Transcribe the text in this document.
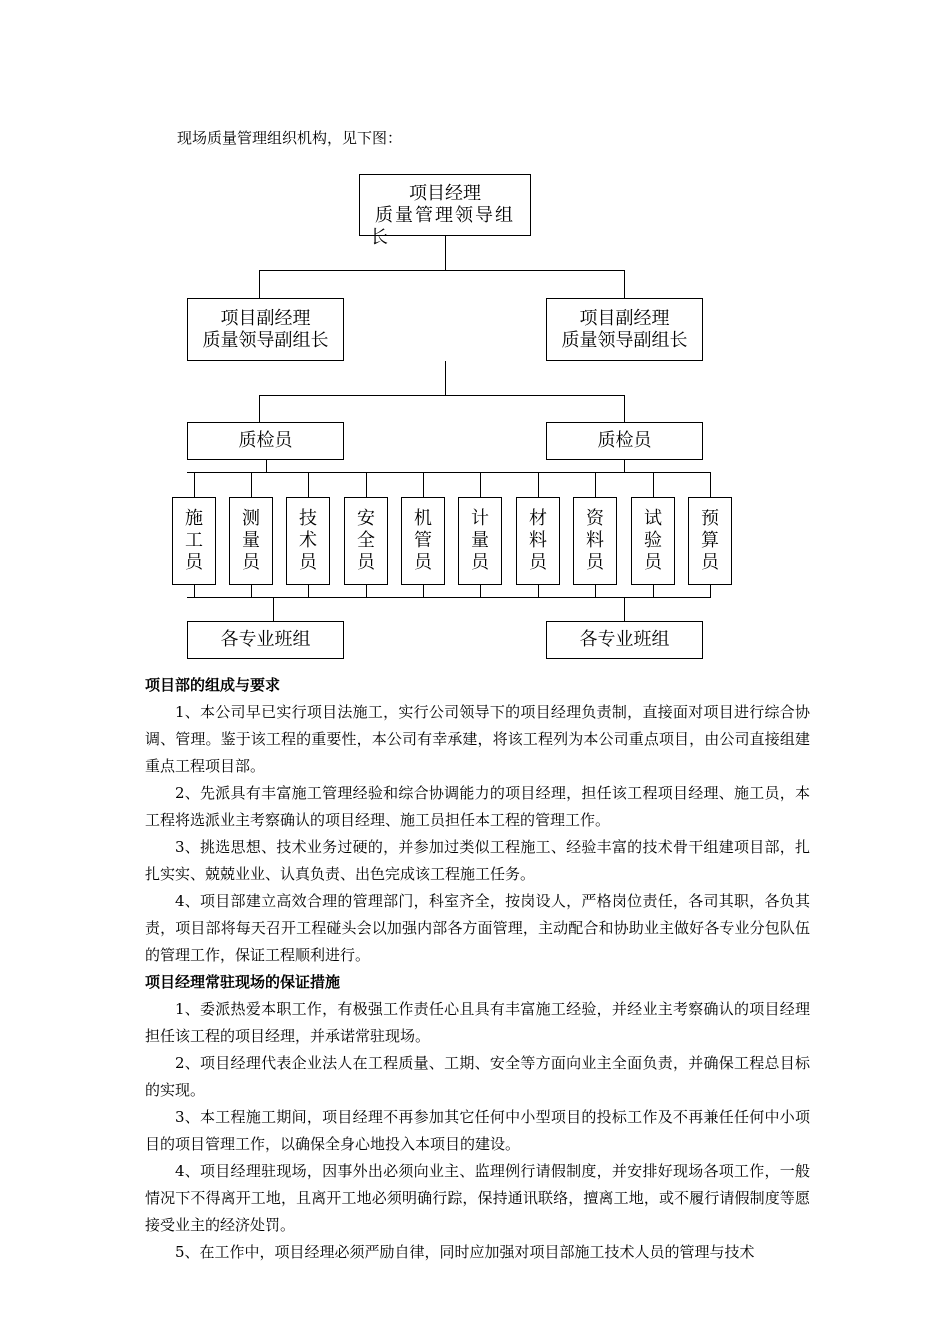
现场质量管理组织机构，见下图：
项目经理
质量管理领导组
长
项目副经理
质量领导副组长
项目副经理
质量领导副组长
质检员	质检员
施工员
测量员
技术员
安全员
机管员
计量员
材料员
资料员
试验员
预算员
各专业班组	各专业班组
项目部的组成与要求

1、本公司早已实行项目法施工，实行公司领导下的项目经理负责制，直接面对项目进行综合协调、管理。鉴于该工程的重要性，本公司有幸承建，将该工程列为本公司重点项目，由公司直接组建重点工程项目部。

2、先派具有丰富施工管理经验和综合协调能力的项目经理，担任该工程项目经理、施工员，本工程将选派业主考察确认的项目经理、施工员担任本工程的管理工作。

3、挑选思想、技术业务过硬的，并参加过类似工程施工、经验丰富的技术骨干组建项目部，扎扎实实、兢兢业业、认真负责、出色完成该工程施工任务。

4、项目部建立高效合理的管理部门，科室齐全，按岗设人，严格岗位责任，各司其职，各负其责，项目部将每天召开工程碰头会以加强内部各方面管理，主动配合和协助业主做好各专业分包队伍的管理工作，保证工程顺利进行。

项目经理常驻现场的保证措施

1、委派热爱本职工作，有极强工作责任心且具有丰富施工经验，并经业主考察确认的项目经理担任该工程的项目经理，并承诺常驻现场。

2、项目经理代表企业法人在工程质量、工期、安全等方面向业主全面负责，并确保工程总目标的实现。

3、本工程施工期间，项目经理不再参加其它任何中小型项目的投标工作及不再兼任任何中小项目的项目管理工作，以确保全身心地投入本项目的建设。

4、项目经理驻现场，因事外出必须向业主、监理例行请假制度，并安排好现场各项工作，一般情况下不得离开工地，且离开工地必须明确行踪，保持通讯联络，擅离工地，或不履行请假制度等愿接受业主的经济处罚。

5、在工作中，项目经理必须严励自律，同时应加强对项目部施工技术人员的管理与技术
